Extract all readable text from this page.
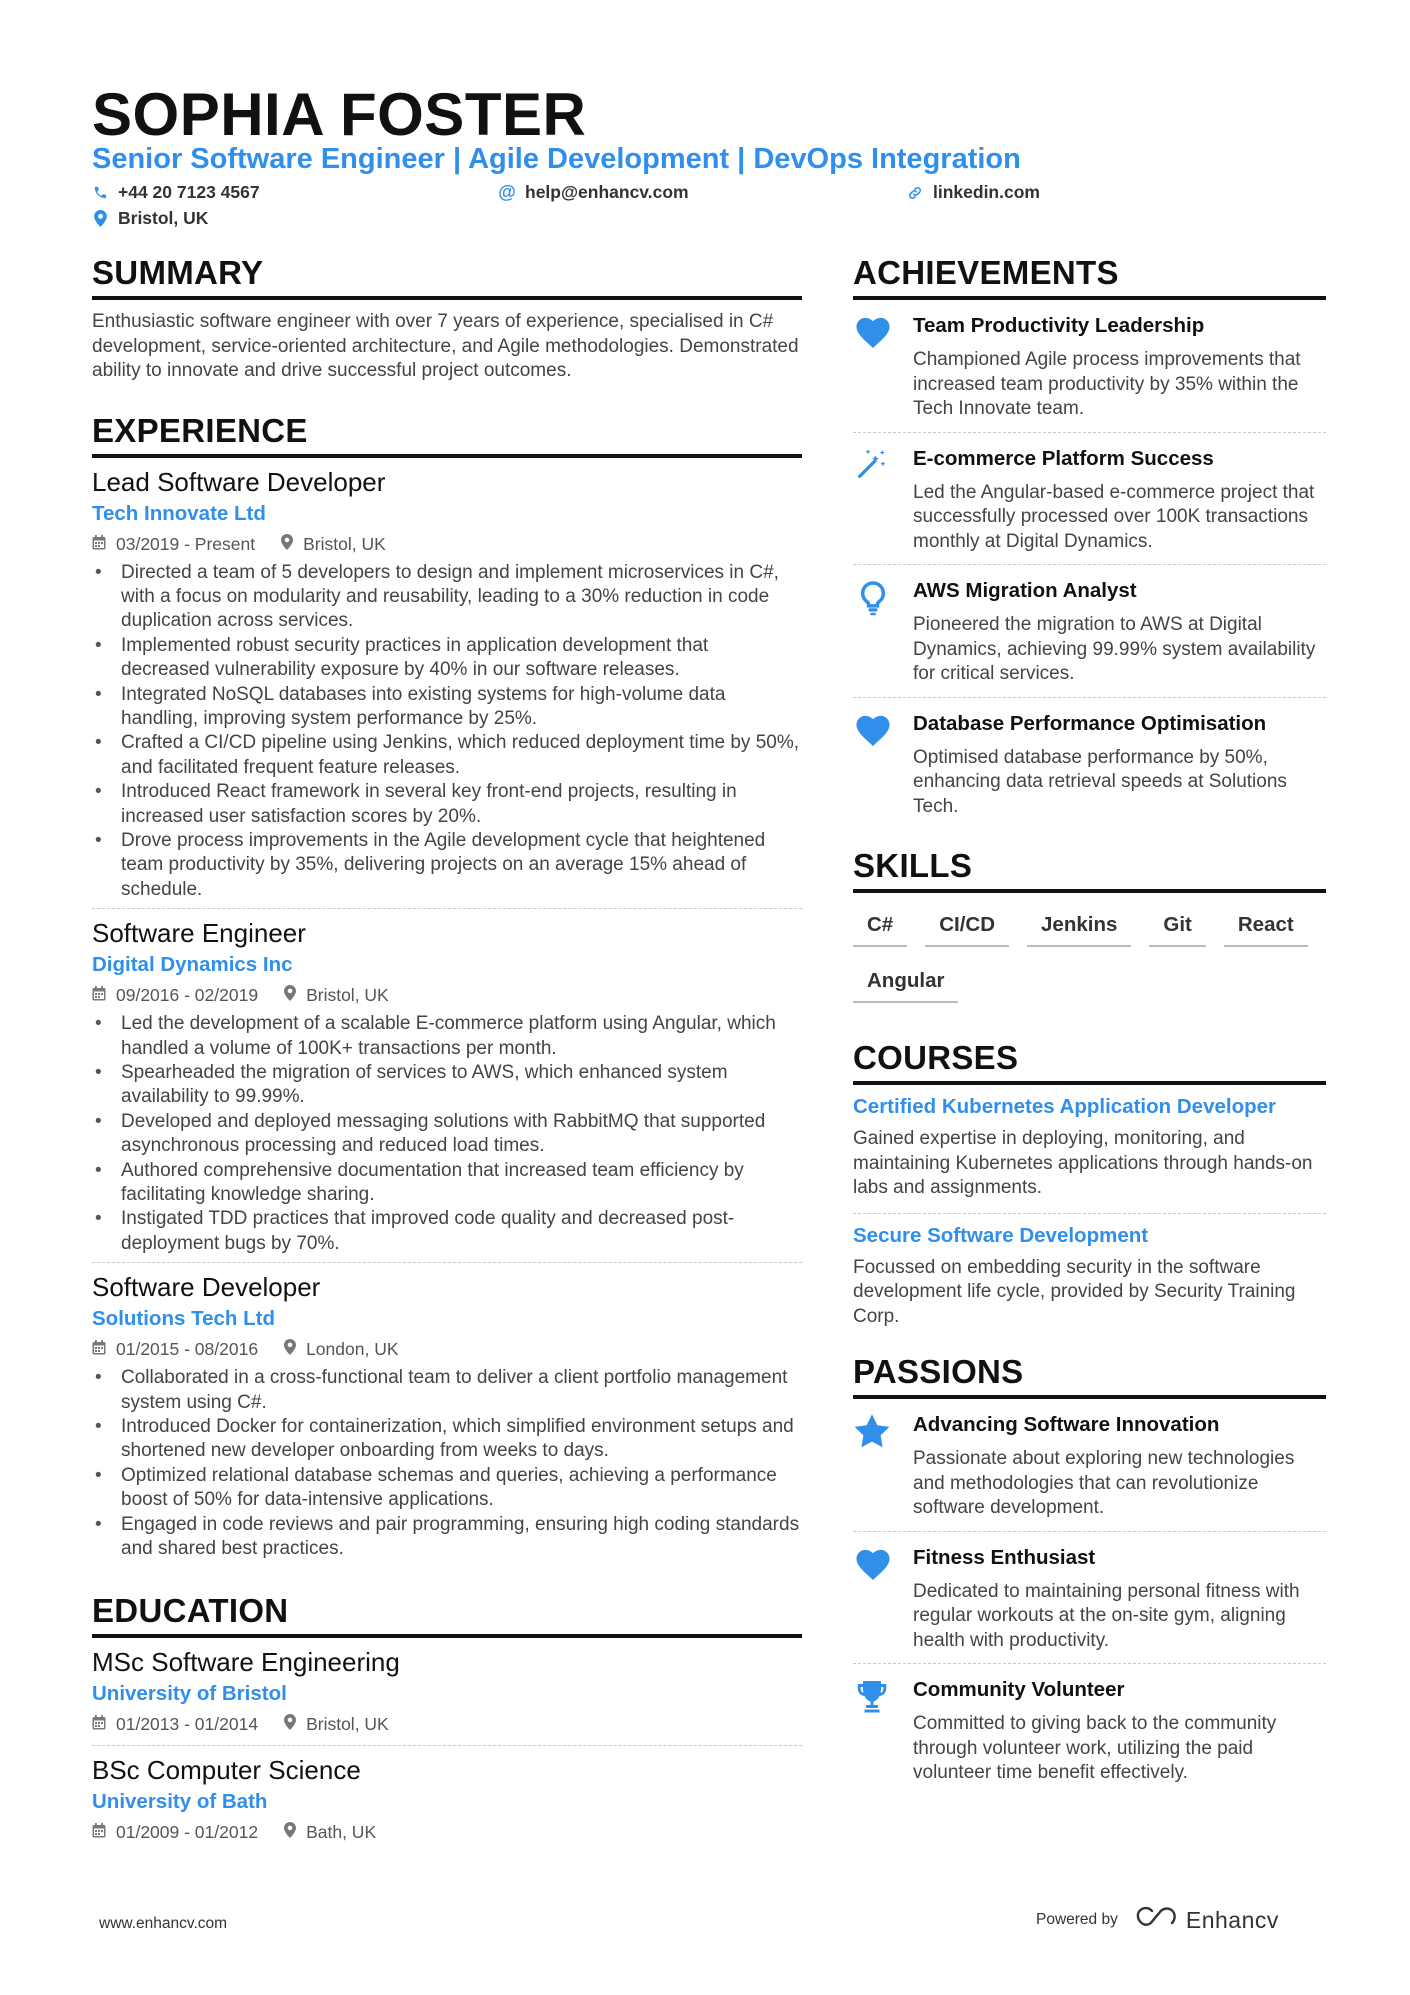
SOPHIA FOSTER
Senior Software Engineer | Agile Development | DevOps Integration
+44 20 7123 4567	@ help@enhancv.com	linkedin.com
Bristol, UK
SUMMARY

Enthusiastic software engineer with over 7 years of experience, specialised in C# development, service-oriented architecture, and Agile methodologies. Demonstrated ability to innovate and drive successful project outcomes.

EXPERIENCE
Lead Software Developer
Tech Innovate Ltd
03/2019 - Present	Bristol, UK
• Directed a team of 5 developers to design and implement microservices in C#, with a focus on modularity and reusability, leading to a 30% reduction in code duplication across services.
• Implemented robust security practices in application development that decreased vulnerability exposure by 40% in our software releases.
• Integrated NoSQL databases into existing systems for high-volume data handling, improving system performance by 25%.
• Crafted a CI/CD pipeline using Jenkins, which reduced deployment time by 50%, and facilitated frequent feature releases.
• Introduced React framework in several key front-end projects, resulting in increased user satisfaction scores by 20%.
• Drove process improvements in the Agile development cycle that heightened team productivity by 35%, delivering projects on an average 15% ahead of schedule.
Software Engineer
Digital Dynamics Inc
09/2016 - 02/2019	Bristol, UK
• Led the development of a scalable E-commerce platform using Angular, which handled a volume of 100K+ transactions per month.
• Spearheaded the migration of services to AWS, which enhanced system availability to 99.99%.
• Developed and deployed messaging solutions with RabbitMQ that supported asynchronous processing and reduced load times.
• Authored comprehensive documentation that increased team efficiency by facilitating knowledge sharing.
• Instigated TDD practices that improved code quality and decreased post-deployment bugs by 70%.
Software Developer
Solutions Tech Ltd
01/2015 - 08/2016	London, UK
• Collaborated in a cross-functional team to deliver a client portfolio management system using C#.
• Introduced Docker for containerization, which simplified environment setups and shortened new developer onboarding from weeks to days.
• Optimized relational database schemas and queries, achieving a performance boost of 50% for data-intensive applications.
• Engaged in code reviews and pair programming, ensuring high coding standards and shared best practices.
EDUCATION
MSc Software Engineering
University of Bristol
01/2013 - 01/2014	Bristol, UK
BSc Computer Science
University of Bath
01/2009 - 01/2012	Bath, UK
ACHIEVEMENTS
Team Productivity Leadership
Championed Agile process improvements that increased team productivity by 35% within the Tech Innovate team.
E-commerce Platform Success
Led the Angular-based e-commerce project that successfully processed over 100K transactions monthly at Digital Dynamics.
AWS Migration Analyst
Pioneered the migration to AWS at Digital Dynamics, achieving 99.99% system availability for critical services.
Database Performance Optimisation
Optimised database performance by 50%, enhancing data retrieval speeds at Solutions Tech.
SKILLS
C#	CI/CD	Jenkins	Git	React
Angular
COURSES
Certified Kubernetes Application Developer
Gained expertise in deploying, monitoring, and maintaining Kubernetes applications through hands-on labs and assignments.
Secure Software Development
Focussed on embedding security in the software development life cycle, provided by Security Training Corp.
PASSIONS
Advancing Software Innovation
Passionate about exploring new technologies and methodologies that can revolutionize software development.
Fitness Enthusiast
Dedicated to maintaining personal fitness with regular workouts at the on-site gym, aligning health with productivity.
Community Volunteer
Committed to giving back to the community through volunteer work, utilizing the paid volunteer time benefit effectively.
www.enhancv.com	Powered by	Enhancv
